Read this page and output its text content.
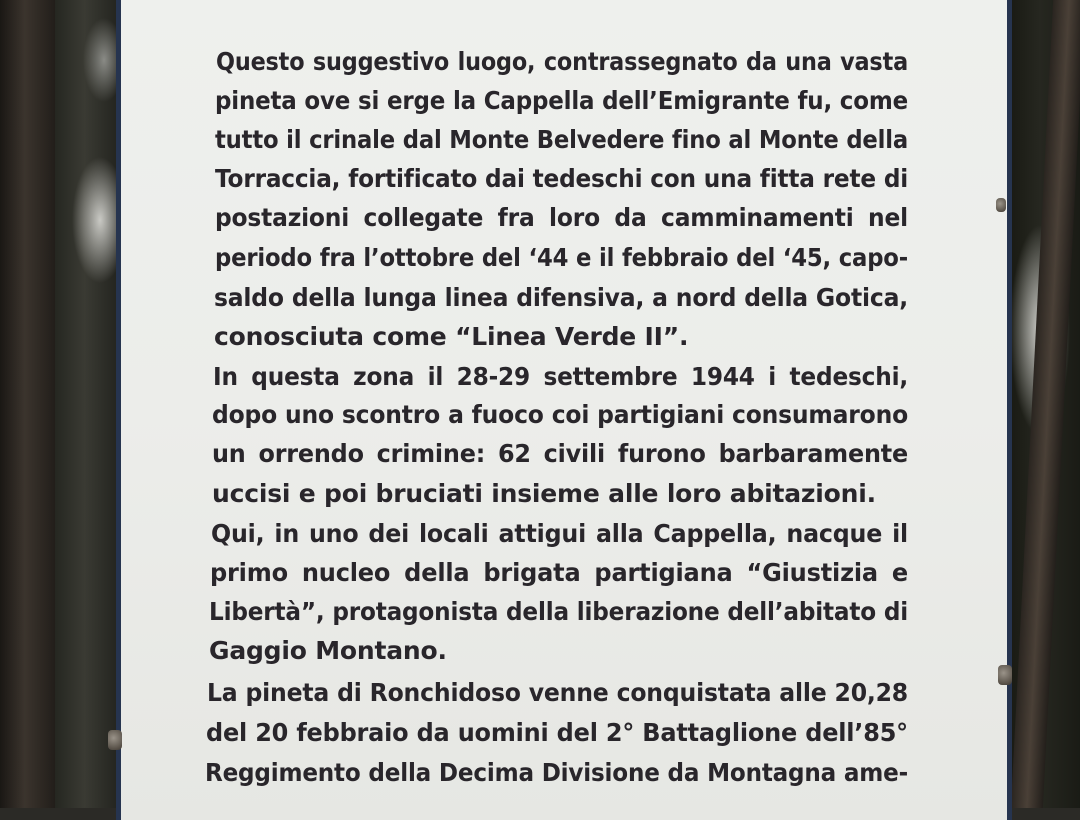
Questo suggestivo luogo, contrassegnato da una vasta
pineta ove si erge la Cappella dell’Emigrante fu, come
tutto il crinale dal Monte Belvedere fino al Monte della
Torraccia, fortificato dai tedeschi con una fitta rete di
postazioni collegate fra loro da camminamenti nel
periodo fra l’ottobre del ‘44 e il febbraio del ‘45, capo-
saldo della lunga linea difensiva, a nord della Gotica,
conosciuta come “Linea Verde II”.
In questa zona il 28-29 settembre 1944 i tedeschi,
dopo uno scontro a fuoco coi partigiani consumarono
un orrendo crimine: 62 civili furono barbaramente
uccisi e poi bruciati insieme alle loro abitazioni.
Qui, in uno dei locali attigui alla Cappella, nacque il
primo nucleo della brigata partigiana “Giustizia e
Libertà”, protagonista della liberazione dell’abitato di
Gaggio Montano.
La pineta di Ronchidoso venne conquistata alle 20,28
del 20 febbraio da uomini del 2° Battaglione dell’85°
Reggimento della Decima Divisione da Montagna ame-
